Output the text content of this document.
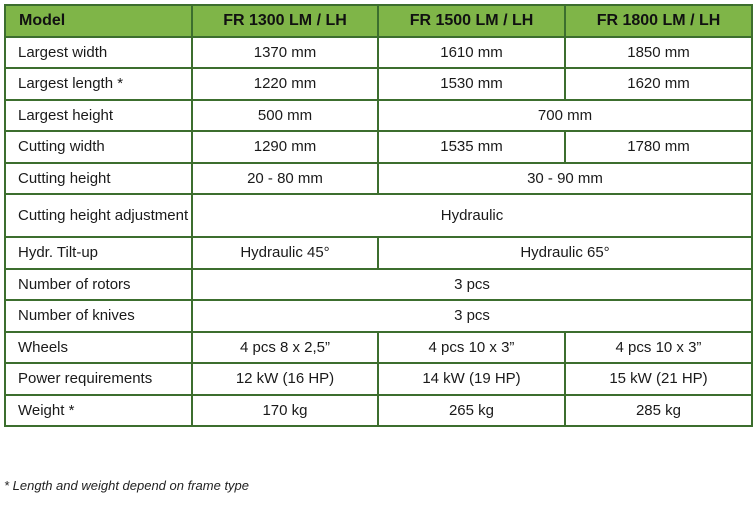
Model	FR 1300 LM / LH	FR 1500 LM / LH	FR 1800 LM / LH
Largest width	1370 mm	1610 mm	1850 mm
Largest length *	1220 mm	1530 mm	1620 mm
Largest height	500 mm	700 mm	
Cutting width	1290 mm	1535 mm	1780 mm
Cutting height	20 - 80 mm	30 - 90 mm	
Cutting height adjustment	Hydraulic		
Hydr. Tilt-up	Hydraulic 45°	Hydraulic 65°	
Number of rotors	3 pcs		
Number of knives	3 pcs		
Wheels	4 pcs 8 x 2,5”	4 pcs 10 x 3”	4 pcs 10 x 3”
Power requirements	12 kW (16 HP)	14 kW (19 HP)	15 kW (21 HP)
Weight *	170 kg	265 kg	285 kg
* Length and weight depend on frame type
